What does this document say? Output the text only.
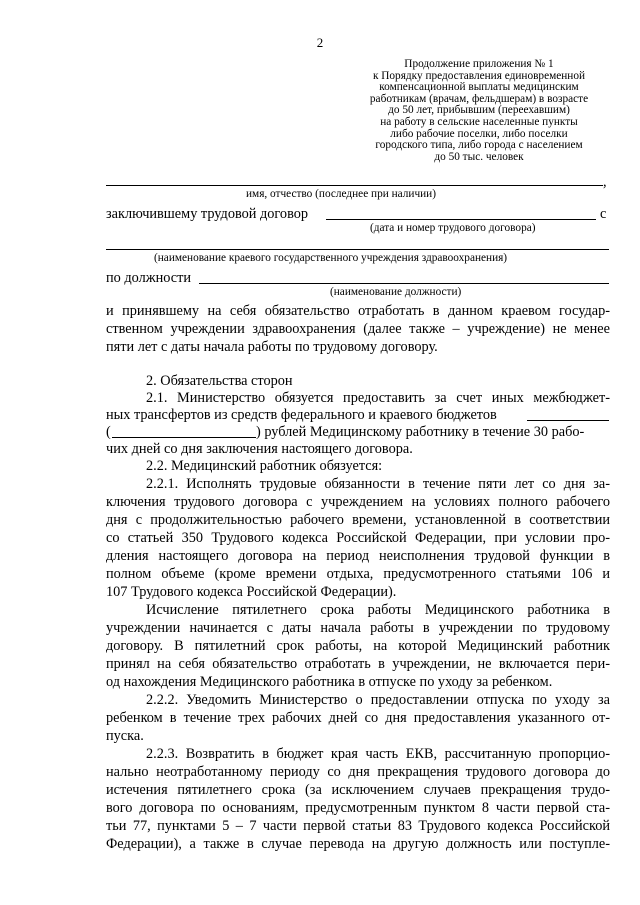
2
Продолжение приложения № 1
к Порядку предоставления единовременной
компенсационной выплаты медицинским
работникам (врачам, фельдшерам) в возрасте
до 50 лет, прибывшим (переехавшим)
на работу в сельские населенные пункты
либо рабочие поселки, либо поселки
городского типа, либо города с населением
до 50 тыс. человек
,
имя, отчество (последнее при наличии)
заключившему трудовой договор	с
(дата и номер трудового договора)
(наименование краевого государственного учреждения здравоохранения)
по должности
(наименование должности)
и принявшему на себя обязательство отработать в данном краевом государ-
ственном учреждении здравоохранения (далее также – учреждение) не менее
пяти лет с даты начала работы по трудовому договору.
2. Обязательства сторон
2.1. Министерство обязуется предоставить за счет иных межбюджет-
ных трансфертов из средств федерального и краевого бюджетов
(	) рублей Медицинскому работнику в течение 30 рабо-
чих дней со дня заключения настоящего договора.
2.2. Медицинский работник обязуется:
2.2.1. Исполнять трудовые обязанности в течение пяти лет со дня за-
ключения трудового договора с учреждением на условиях полного рабочего
дня с продолжительностью рабочего времени, установленной в соответствии
со статьей 350 Трудового кодекса Российской Федерации, при условии про-
дления настоящего договора на период неисполнения трудовой функции в
полном объеме (кроме времени отдыха, предусмотренного статьями 106 и
107 Трудового кодекса Российской Федерации).
Исчисление пятилетнего срока работы Медицинского работника в
учреждении начинается с даты начала работы в учреждении по трудовому
договору. В пятилетний срок работы, на которой Медицинский работник
принял на себя обязательство отработать в учреждении, не включается пери-
од нахождения Медицинского работника в отпуске по уходу за ребенком.
2.2.2. Уведомить Министерство о предоставлении отпуска по уходу за
ребенком в течение трех рабочих дней со дня предоставления указанного от-
пуска.
2.2.3. Возвратить в бюджет края часть ЕКВ, рассчитанную пропорцио-
нально неотработанному периоду со дня прекращения трудового договора до
истечения пятилетнего срока (за исключением случаев прекращения трудо-
вого договора по основаниям, предусмотренным пунктом 8 части первой ста-
тьи 77, пунктами 5 – 7 части первой статьи 83 Трудового кодекса Российской
Федерации), а также в случае перевода на другую должность или поступле-
